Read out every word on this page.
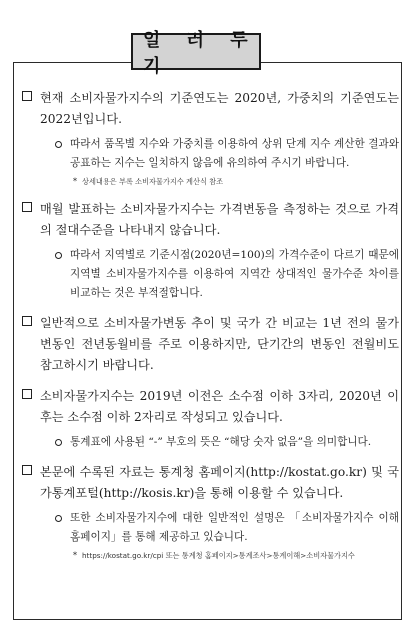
일 러 두 기
현재 소비자물가지수의 기준연도는 2020년, 가중치의 기준연도는 2022년입니다.
따라서 품목별 지수와 가중치를 이용하여 상위 단계 지수 계산한 결과와 공표하는 지수는 일치하지 않음에 유의하여 주시기 바랍니다.
* 상세내용은 부록 소비자물가지수 계산식 참조
매월 발표하는 소비자물가지수는 가격변동을 측정하는 것으로 가격의 절대수준을 나타내지 않습니다.
따라서 지역별로 기준시점(2020년=100)의 가격수준이 다르기 때문에 지역별 소비자물가지수를 이용하여 지역간 상대적인 물가수준 차이를 비교하는 것은 부적절합니다.
일반적으로 소비자물가변동 추이 및 국가 간 비교는 1년 전의 물가 변동인 전년동월비를 주로 이용하지만, 단기간의 변동인 전월비도 참고하시기 바랍니다.
소비자물가지수는 2019년 이전은 소수점 이하 3자리, 2020년 이후는 소수점 이하 2자리로 작성되고 있습니다.
통계표에 사용된 “-” 부호의 뜻은 “해당 숫자 없음”을 의미합니다.
본문에 수록된 자료는 통계청 홈페이지(http://kostat.go.kr) 및 국가통계포털(http://kosis.kr)을 통해 이용할 수 있습니다.
또한 소비자물가지수에 대한 일반적인 설명은 「소비자물가지수 이해 홈페이지」를 통해 제공하고 있습니다.
* https://kostat.go.kr/cpi 또는 통계청 홈페이지>통계조사>통계이해>소비자물가지수
